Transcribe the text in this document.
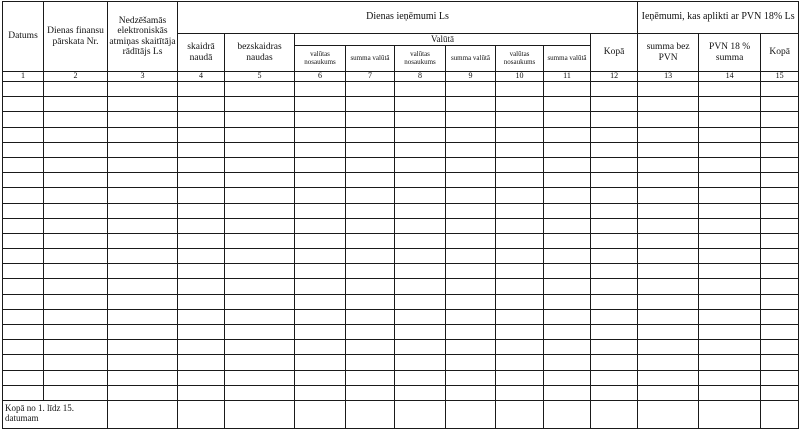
Datums	Dienas finansu pārskata Nr.	Nedzēšamās elektroniskās atmiņas skaitītāja rādītājs Ls	Dienas ieņēmumi Ls									Ieņēmumi, kas aplikti ar PVN 18% Ls		
			skaidrā naudā	bezskaidras naudas	Valūtā						Kopā	summa bez PVN	PVN 18 % summa	Kopā
					valūtas nosaukums	summa valūtā	valūtas nosaukums	summa valūtā	valūtas nosaukums	summa valūtā				
1	2	3	4	5	6	7	8	9	10	11	12	13	14	15

Kopā no 1. līdz 15. datumam														
